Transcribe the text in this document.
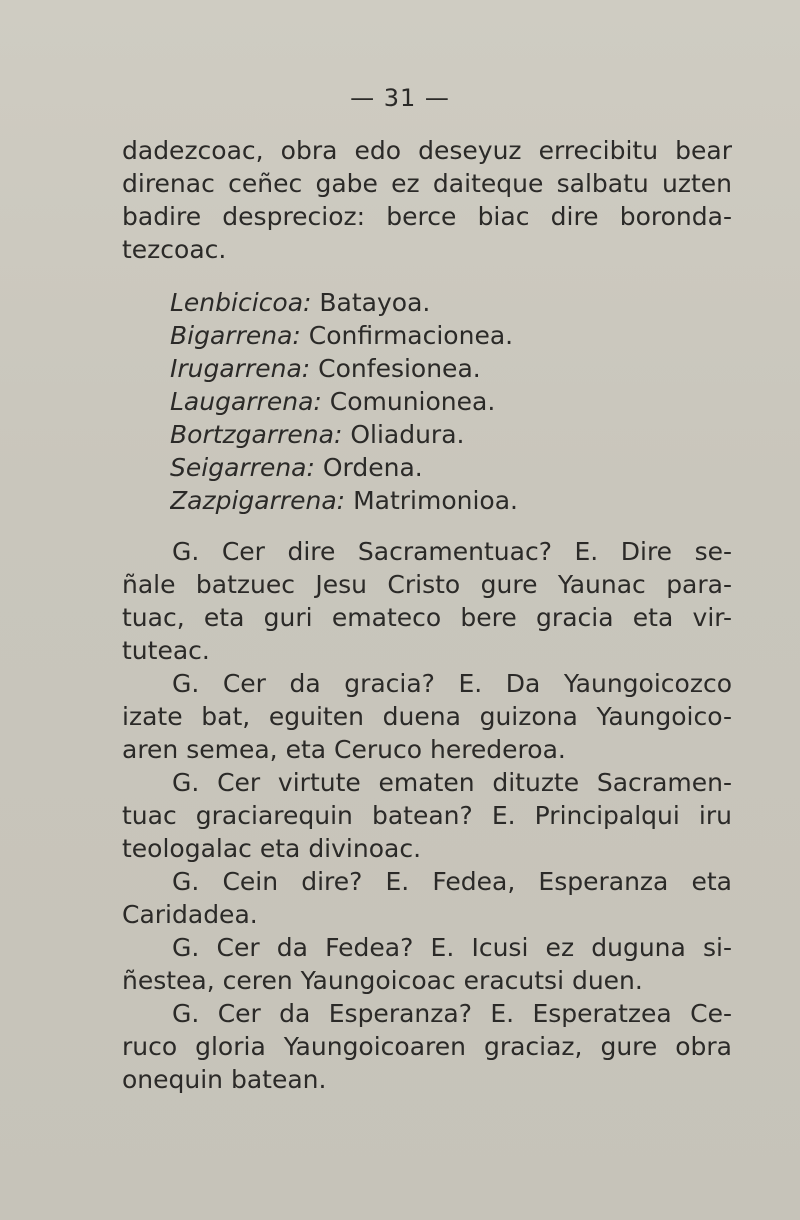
— 31 —
dadezcoac, obra edo deseyuz errecibitu bear
direnac ceñec gabe ez daiteque salbatu uzten
badire desprecioz: berce biac dire boronda-
tezcoac.
Lenbicicoa: Batayoa.
Bigarrena: Confirmacionea.
Irugarrena: Confesionea.
Laugarrena: Comunionea.
Bortzgarrena: Oliadura.
Seigarrena: Ordena.
Zazpigarrena: Matrimonioa.
G. Cer dire Sacramentuac? E. Dire se-
ñale batzuec Jesu Cristo gure Yaunac para-
tuac, eta guri emateco bere gracia eta vir-
tuteac.
G. Cer da gracia? E. Da Yaungoicozco
izate bat, eguiten duena guizona Yaungoico-
aren semea, eta Ceruco herederoa.
G. Cer virtute ematen dituzte Sacramen-
tuac graciarequin batean? E. Principalqui iru
teologalac eta divinoac.
G. Cein dire? E. Fedea, Esperanza eta
Caridadea.
G. Cer da Fedea? E. Icusi ez duguna si-
ñestea, ceren Yaungoicoac eracutsi duen.
G. Cer da Esperanza? E. Esperatzea Ce-
ruco gloria Yaungoicoaren graciaz, gure obra
onequin batean.
